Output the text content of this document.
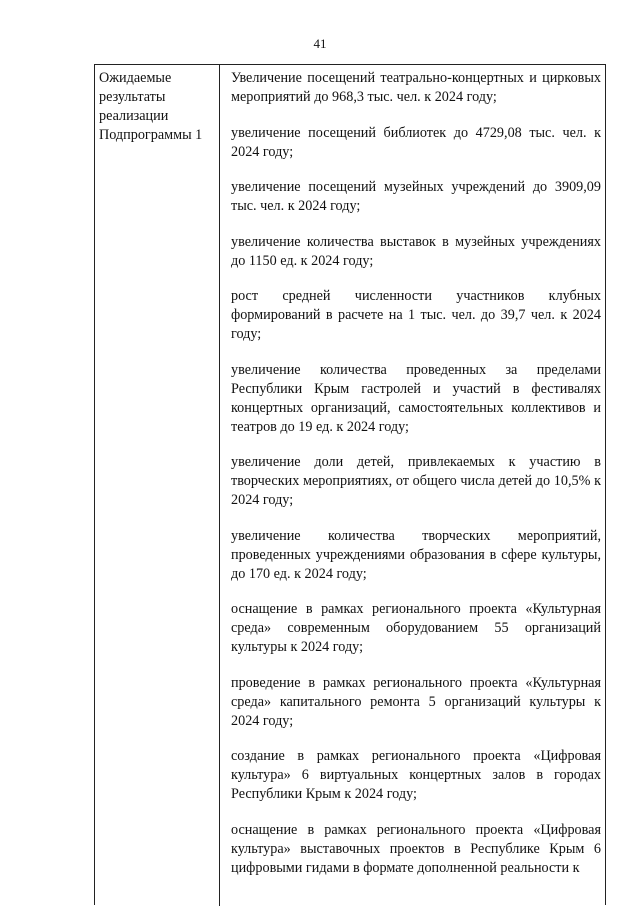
41
Ожидаемые
результаты
реализации
Подпрограммы 1

Увеличение посещений театрально-концертных и цирковых мероприятий до 968,3 тыс. чел. к 2024 году;

увеличение посещений библиотек до 4729,08 тыс. чел. к 2024 году;

увеличение посещений музейных учреждений до 3909,09 тыс. чел. к 2024 году;

увеличение количества выставок в музейных учреждениях до 1150 ед. к 2024 году;

рост средней численности участников клубных формирований в расчете на 1 тыс. чел. до 39,7 чел. к 2024 году;

увеличение количества проведенных за пределами Республики Крым гастролей и участий в фестивалях концертных организаций, самостоятельных коллективов и театров до 19 ед. к 2024 году;

увеличение доли детей, привлекаемых к участию в творческих мероприятиях, от общего числа детей до 10,5% к 2024 году;

увеличение количества творческих мероприятий, проведенных учреждениями образования в сфере культуры, до 170 ед. к 2024 году;

оснащение в рамках регионального проекта «Культурная среда» современным оборудованием 55 организаций культуры к 2024 году;

проведение в рамках регионального проекта «Культурная среда» капитального ремонта 5 организаций культуры к 2024 году;

создание в рамках регионального проекта «Цифровая культура» 6 виртуальных концертных залов в городах Республики Крым к 2024 году;

оснащение в рамках регионального проекта «Цифровая культура» выставочных проектов в Республике Крым 6 цифровыми гидами в формате дополненной реальности к
